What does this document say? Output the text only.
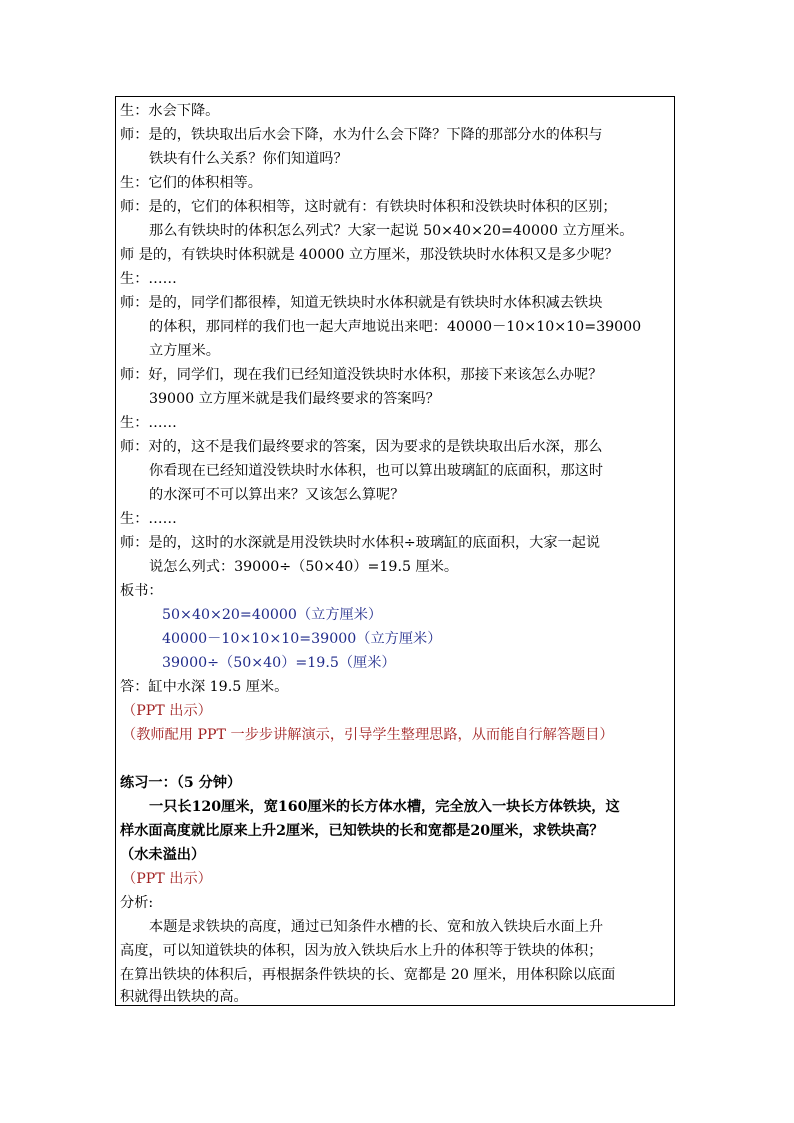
生：水会下降。
师：是的，铁块取出后水会下降，水为什么会下降？下降的那部分水的体积与
铁块有什么关系？你们知道吗？
生：它们的体积相等。
师：是的，它们的体积相等，这时就有：有铁块时体积和没铁块时体积的区别；
那么有铁块时的体积怎么列式？大家一起说 50×40×20=40000 立方厘米。
师 是的，有铁块时体积就是 40000 立方厘米，那没铁块时水体积又是多少呢？
生：……
师：是的，同学们都很棒，知道无铁块时水体积就是有铁块时水体积减去铁块
的体积，那同样的我们也一起大声地说出来吧：40000－10×10×10=39000
立方厘米。
师：好，同学们，现在我们已经知道没铁块时水体积，那接下来该怎么办呢？
39000 立方厘米就是我们最终要求的答案吗？
生：……
师：对的，这不是我们最终要求的答案，因为要求的是铁块取出后水深，那么
你看现在已经知道没铁块时水体积，也可以算出玻璃缸的底面积，那这时
的水深可不可以算出来？又该怎么算呢？
生：……
师：是的，这时的水深就是用没铁块时水体积÷玻璃缸的底面积，大家一起说
说怎么列式：39000÷（50×40）=19.5 厘米。
板书：
50×40×20=40000（立方厘米）
40000－10×10×10=39000（立方厘米）
39000÷（50×40）=19.5（厘米）
答：缸中水深 19.5 厘米。
（PPT 出示）
（教师配用 PPT 一步步讲解演示，引导学生整理思路，从而能自行解答题目）
练习一：（5 分钟）
一只长120厘米，宽160厘米的长方体水槽，完全放入一块长方体铁块，这
样水面高度就比原来上升2厘米，已知铁块的长和宽都是20厘米，求铁块高？
（水未溢出）
（PPT 出示）
分析:
本题是求铁块的高度，通过已知条件水槽的长、宽和放入铁块后水面上升
高度，可以知道铁块的体积，因为放入铁块后水上升的体积等于铁块的体积；
在算出铁块的体积后，再根据条件铁块的长、宽都是 20 厘米，用体积除以底面
积就得出铁块的高。
